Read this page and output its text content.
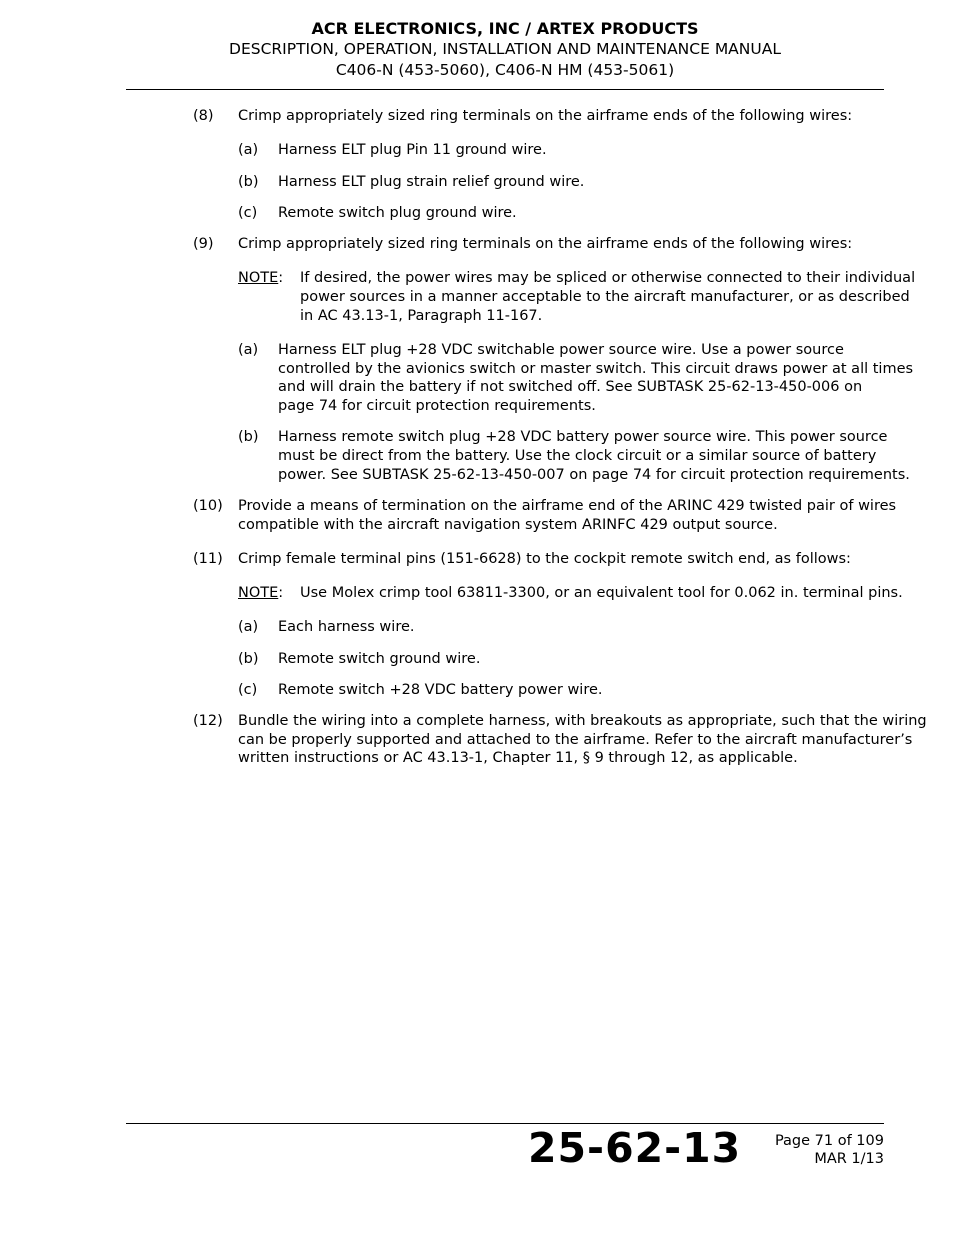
ACR ELECTRONICS, INC / ARTEX PRODUCTS
DESCRIPTION, OPERATION, INSTALLATION AND MAINTENANCE MANUAL
C406-N (453-5060), C406-N HM (453-5061)
(8) Crimp appropriately sized ring terminals on the airframe ends of the following wires:
(a) Harness ELT plug Pin 11 ground wire.
(b) Harness ELT plug strain relief ground wire.
(c) Remote switch plug ground wire.
(9) Crimp appropriately sized ring terminals on the airframe ends of the following wires:
NOTE: If desired, the power wires may be spliced or otherwise connected to their individual
power sources in a manner acceptable to the aircraft manufacturer, or as described
in AC 43.13-1, Paragraph 11-167.
(a) Harness ELT plug +28 VDC switchable power source wire. Use a power source
controlled by the avionics switch or master switch. This circuit draws power at all times
and will drain the battery if not switched off. See SUBTASK 25-62-13-450-006 on
page 74 for circuit protection requirements.
(b) Harness remote switch plug +28 VDC battery power source wire. This power source
must be direct from the battery. Use the clock circuit or a similar source of battery
power. See SUBTASK 25-62-13-450-007 on page 74 for circuit protection requirements.
(10) Provide a means of termination on the airframe end of the ARINC 429 twisted pair of wires
compatible with the aircraft navigation system ARINFC 429 output source.
(11) Crimp female terminal pins (151-6628) to the cockpit remote switch end, as follows:
NOTE: Use Molex crimp tool 63811-3300, or an equivalent tool for 0.062 in. terminal pins.
(a) Each harness wire.
(b) Remote switch ground wire.
(c) Remote switch +28 VDC battery power wire.
(12) Bundle the wiring into a complete harness, with breakouts as appropriate, such that the wiring
can be properly supported and attached to the airframe. Refer to the aircraft manufacturer’s
written instructions or AC 43.13-1, Chapter 11, § 9 through 12, as applicable.
25-62-13 Page 71 of 109
MAR 1/13
